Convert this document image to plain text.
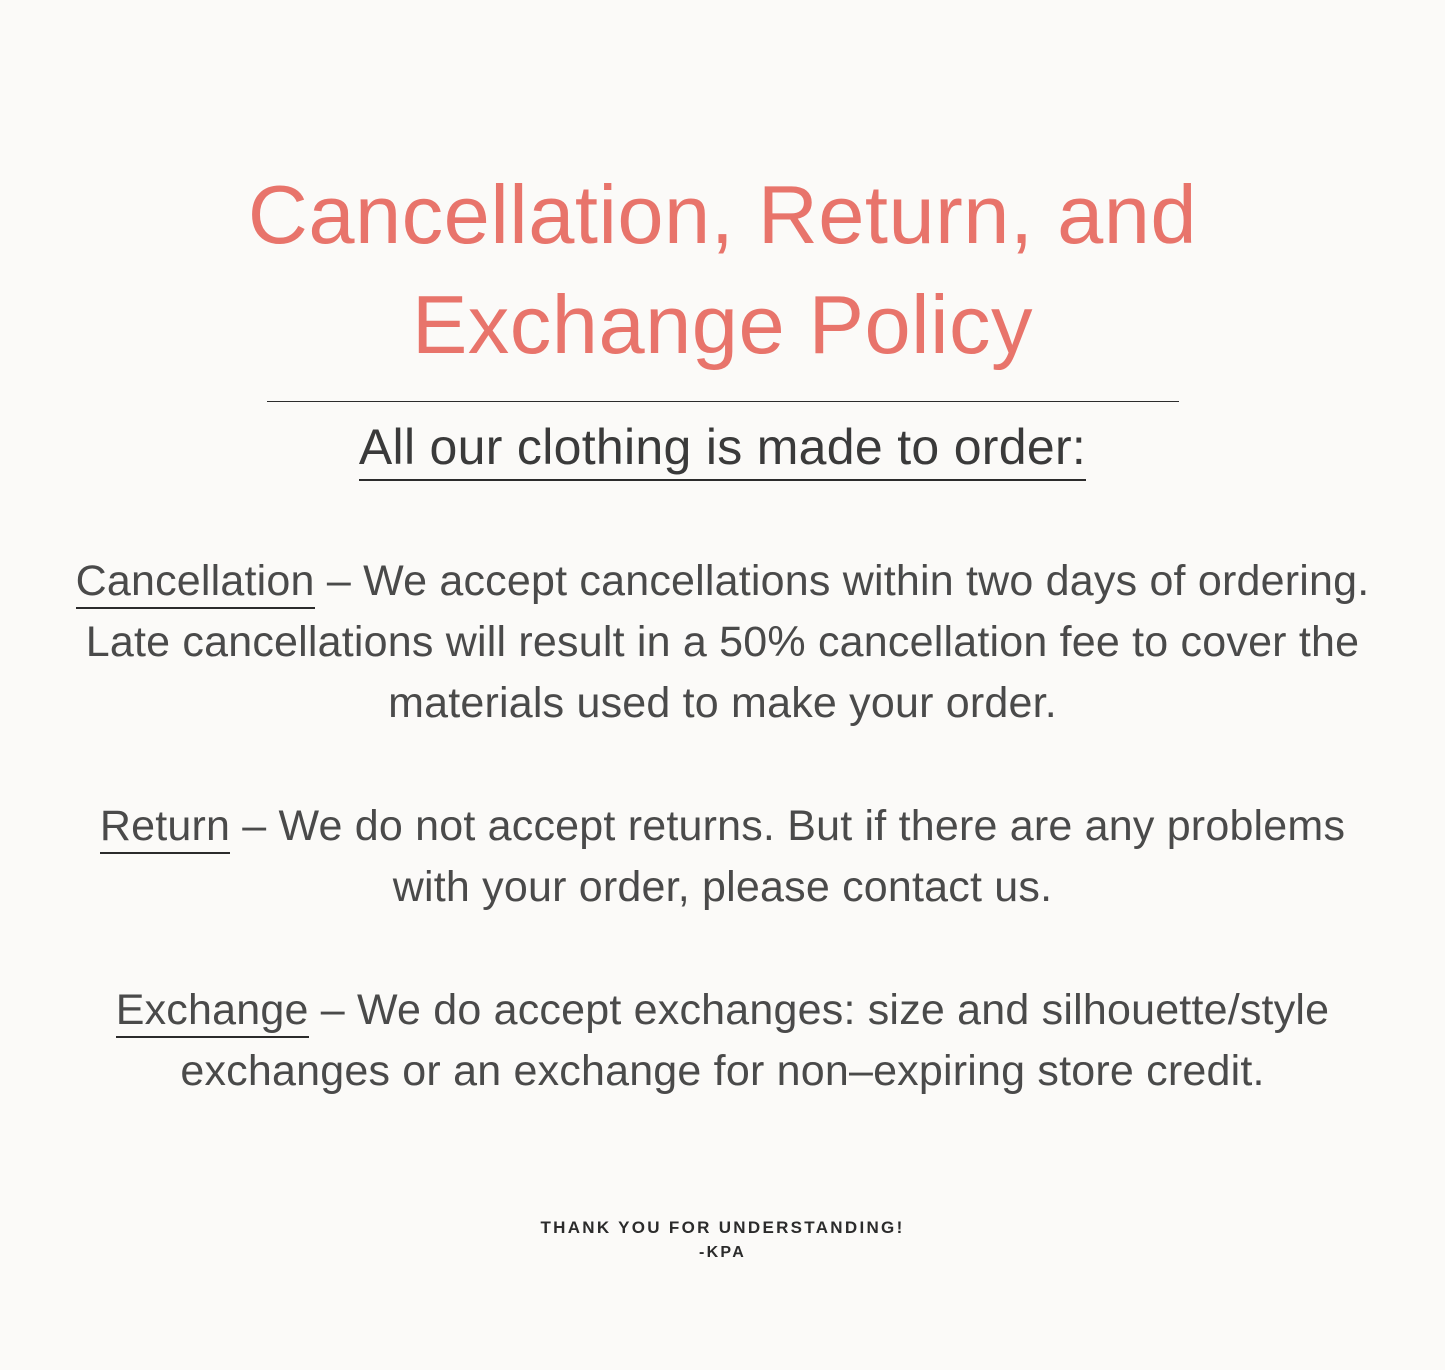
Cancellation, Return, and Exchange Policy
All our clothing is made to order:

Cancellation – We accept cancellations within two days of ordering. Late cancellations will result in a 50% cancellation fee to cover the materials used to make your order.

Return – We do not accept returns. But if there are any problems with your order, please contact us.

Exchange – We do accept exchanges: size and silhouette/style exchanges or an exchange for non–expiring store credit.

THANK YOU FOR UNDERSTANDING!

-KPA
